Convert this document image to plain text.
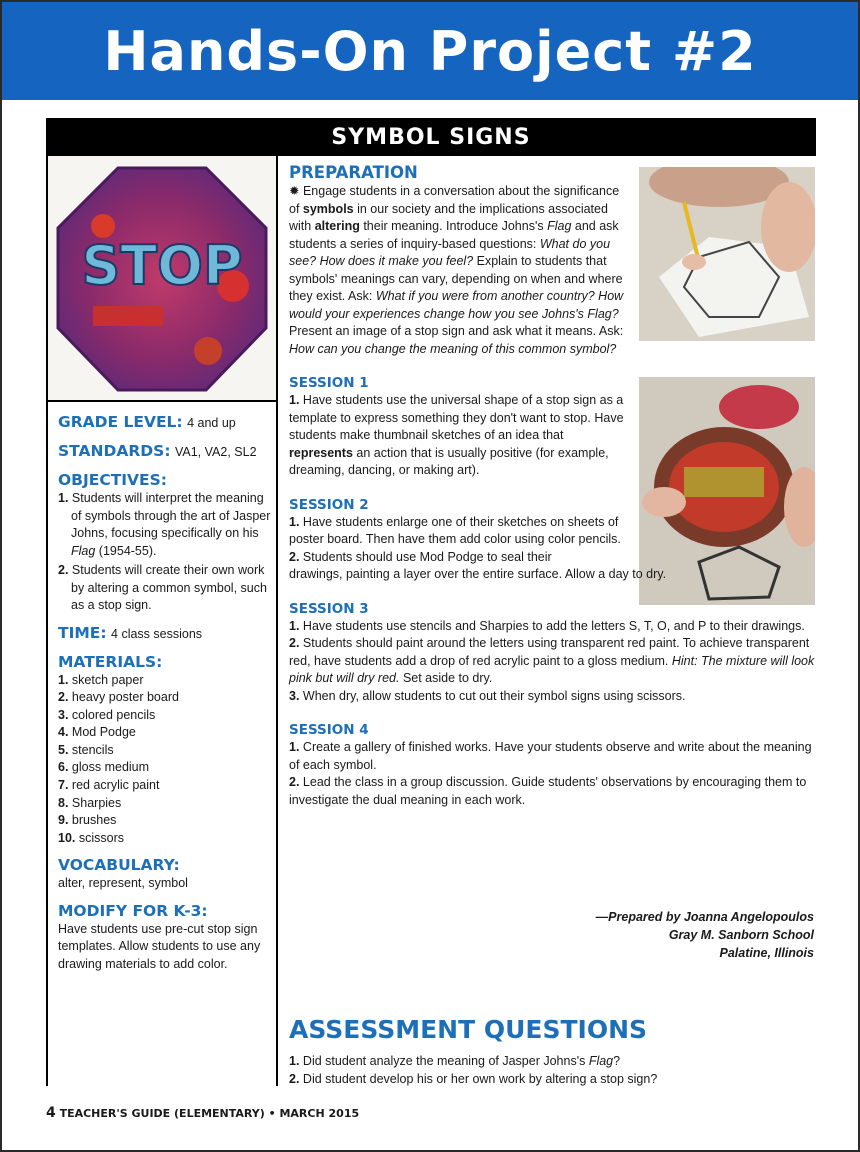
Hands-On Project #2
SYMBOL SIGNS
STOP
GRADE LEVEL: 4 and up
STANDARDS: VA1, VA2, SL2
OBJECTIVES:
1. Students will interpret the meaning of symbols through the art of Jasper Johns, focusing specifically on his Flag (1954-55).
2. Students will create their own work by altering a common symbol, such as a stop sign.
TIME: 4 class sessions
MATERIALS:
1. sketch paper
2. heavy poster board
3. colored pencils
4. Mod Podge
5. stencils
6. gloss medium
7. red acrylic paint
8. Sharpies
9. brushes
10. scissors
VOCABULARY:
alter, represent, symbol
MODIFY FOR K-3:
Have students use pre-cut stop sign templates. Allow students to use any drawing materials to add color.
PREPARATION

✹ Engage students in a conversation about the significance of symbols in our society and the implications associated with altering their meaning. Introduce Johns's Flag and ask students a series of inquiry-based questions: What do you see? How does it make you feel? Explain to students that symbols' meanings can vary, depending on when and where they exist. Ask: What if you were from another country? How would your experiences change how you see Johns's Flag? Present an image of a stop sign and ask what it means. Ask: How can you change the meaning of this common symbol?

SESSION 1

1. Have students use the universal shape of a stop sign as a template to express something they don't want to stop. Have students make thumbnail sketches of an idea that represents an action that is usually positive (for example, dreaming, dancing, or making art).

SESSION 2

1. Have students enlarge one of their sketches on sheets of poster board. Then have them add color using color pencils.

2. Students should use Mod Podge to seal their

drawings, painting a layer over the entire surface. Allow a day to dry.

SESSION 3

1. Have students use stencils and Sharpies to add the letters S, T, O, and P to their drawings.

2. Students should paint around the letters using transparent red paint. To achieve transparent red, have students add a drop of red acrylic paint to a gloss medium. Hint: The mixture will look pink but will dry red. Set aside to dry.

3. When dry, allow students to cut out their symbol signs using scissors.

SESSION 4

1. Create a gallery of finished works. Have your students observe and write about the meaning of each symbol.

2. Lead the class in a group discussion. Guide students' observations by encouraging them to investigate the dual meaning in each work.

—Prepared by Joanna Angelopoulos
Gray M. Sanborn School
Palatine, Illinois
ASSESSMENT QUESTIONS
1. Did student analyze the meaning of Jasper Johns's Flag?
2. Did student develop his or her own work by altering a stop sign?
4 TEACHER'S GUIDE (ELEMENTARY) • MARCH 2015
